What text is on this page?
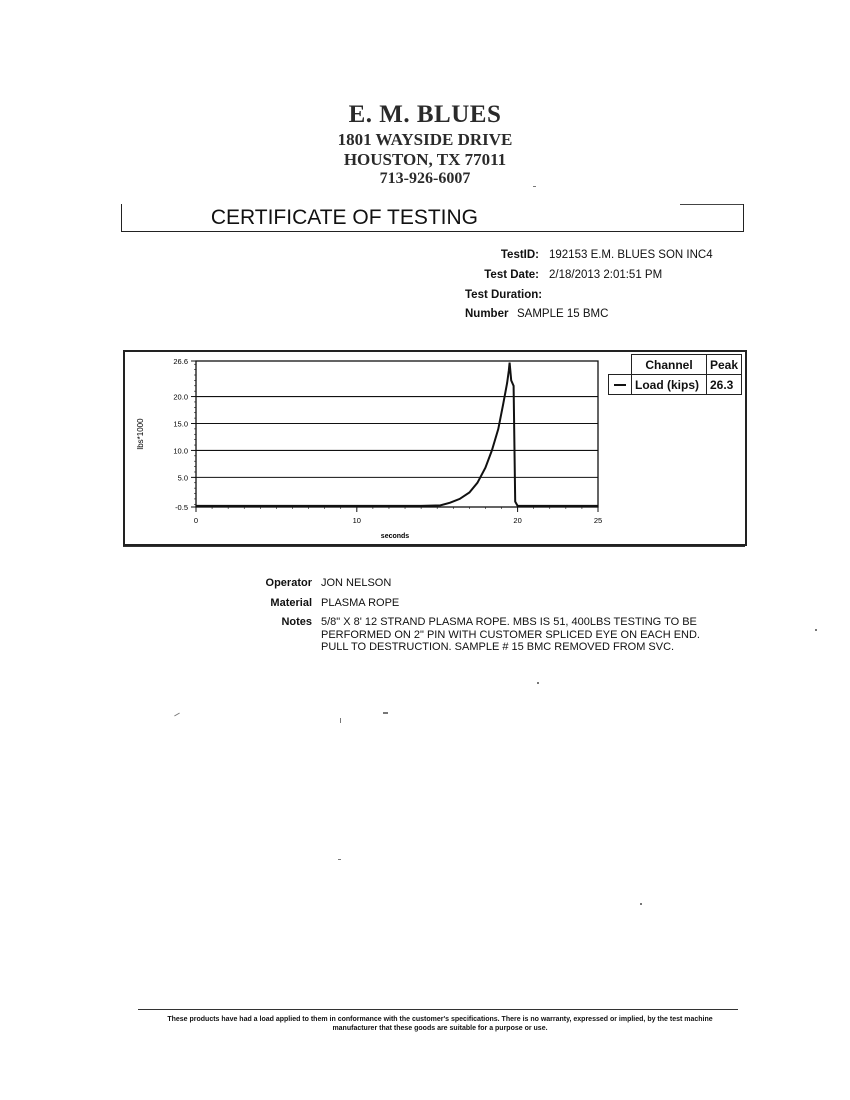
E. M. BLUES
1801 WAYSIDE DRIVE
HOUSTON, TX 77011
713-926-6007
CERTIFICATE OF TESTING
TestID: 192153 E.M. BLUES SON INC4
Test Date: 2/18/2013 2:01:51 PM
Test Duration:
Number SAMPLE 15 BMC
26.6
20.0
15.0
10.0
5.0
-0.5
0	10	20	25
seconds
lbs*1000
	Channel	Peak
	Load (kips)	26.3
Operator JON NELSON
Material PLASMA ROPE
Notes 5/8" X 8' 12 STRAND PLASMA ROPE. MBS IS 51, 400LBS TESTING TO BE PERFORMED ON 2" PIN WITH CUSTOMER SPLICED EYE ON EACH END. PULL TO DESTRUCTION. SAMPLE # 15 BMC REMOVED FROM SVC.
These products have had a load applied to them in conformance with the customer's specifications. There is no warranty, expressed or implied, by the test machine manufacturer that these goods are suitable for a purpose or use.
